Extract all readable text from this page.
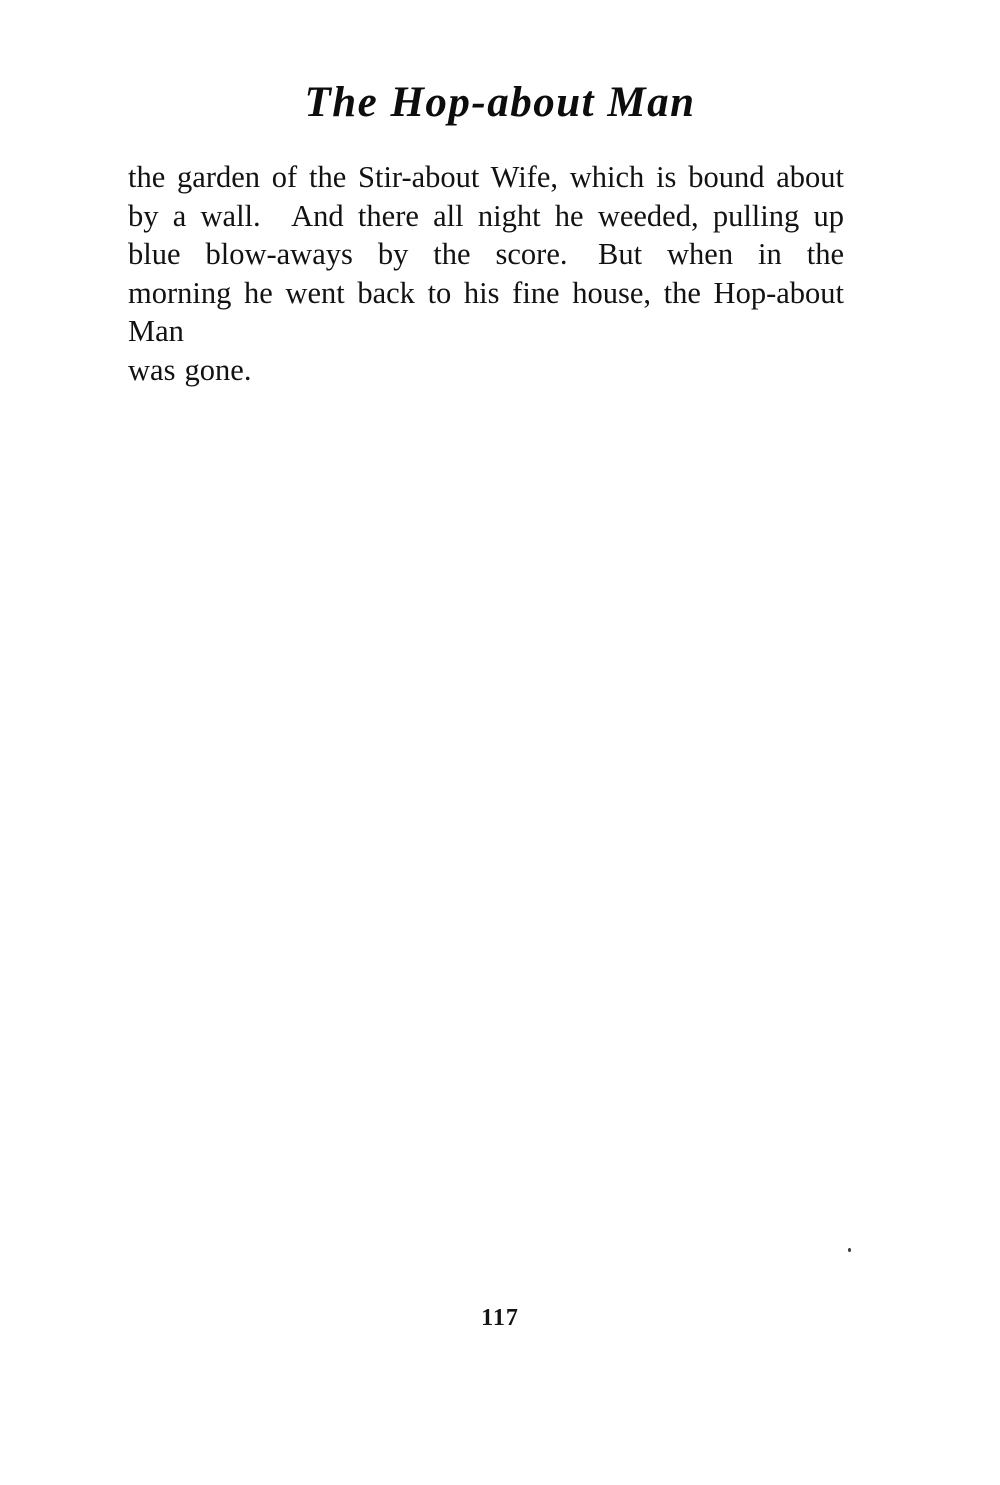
The Hop-about Man

the garden of the Stir-about Wife, which is bound about by a wall. And there all night he weeded, pulling up blue blow-aways by the score. But when in the morning he went back to his fine house, the Hop-about Man

was gone.

117
